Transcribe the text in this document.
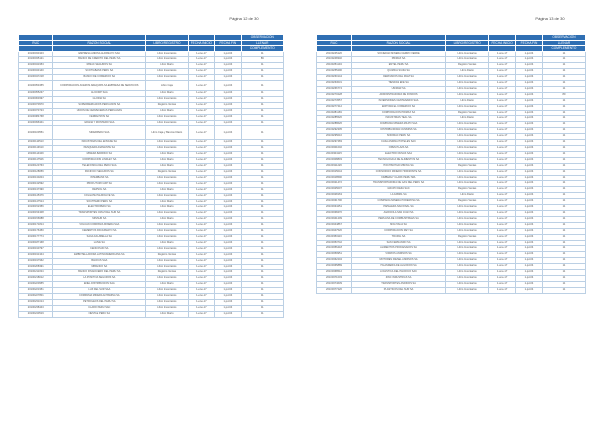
Página 12 de 30
					OBSERVACIÓN
RUC	RAZON SOCIAL	LIBRO/REGISTRO	FECHA INICIO	FECHA FIN	LLENAR
					COMPLEMENTO
20100030103	EMPRESA ANDINA ALPAMAYO SAC	Libro Inventarios	1-ene-17	1-jul-04	11
20100035121	BANCO DE CREDITO DEL PERU SA	Libro Inventarios	1-ene-17	1-jul-04	89
20100041953	RIMAC SEGUROS SA	Libro Diario	1-ene-17	1-jul-04	11
20100043140	SCOTIABANK PERU SA	Libro Inventarios	1-ene-17	1-jul-04	11
20100047218	BANCO DE COMERCIO SA	Libro Inventarios	1-ene-17	1-jul-04	11
20100053455	CORPORACION ACEROS AREQUIPA SA EMPRESA DE SERVICIOS	Libro Caja	1-ene-17	1-jul-04	11
20100055237	ALICORP SAA	Libro Diario	1-ene-17	1-jul-04	11
20100060397	GLORIA SA	Libro Inventarios	1-ene-17	1-jul-04	11
20100070970	SUPERMERCADOS PERUANOS SA	Registro Ventas	1-ene-17	1-jul-04	11
20100073723	UNION DE CERVECERIAS PERUANAS	Libro Diario	1-ene-17	1-jul-04	11
20100084768	FERREYROS SA	Libro Inventarios	1-ene-17	1-jul-04	11
20100096341	GRAÑA Y MONTERO SAA	Libro Inventarios	1-ene-17	1-jul-04	11
20100100551	SIDERPERU SAA	Libro Caja y Bancos Diario	1-ene-17	1-jul-04	11
20100110513	INDUSTRIAS DEL ENVASE SA	Libro Inventarios	1-ene-17	1-jul-04	11
20100113610	PESQUERA DIAMANTE SA	Libro Inventarios	1-ene-17	1-jul-04	11
20100114349	MINERA BARRICK SA	Libro Diario	1-ene-17	1-jul-04	11
20100117526	CORPORACION LINDLEY SA	Libro Diario	1-ene-17	1-jul-04	11
20100123763	TELEFONICA DEL PERU SAA	Libro Diario	1-ene-17	1-jul-04	11
20100128056	PACIFICO SEGUROS SA	Registro Ventas	1-ene-17	1-jul-04	11
20100130204	INTERBANK SA	Libro Inventarios	1-ene-17	1-jul-04	11
20100132592	PROFUTURO AFP SA	Libro Inventarios	1-ene-17	1-jul-04	11
20100137390	REPSOL SA	Libro Diario	1-ene-17	1-jul-04	11
20100145376	COLGATE PALMOLIVE SA	Libro Inventarios	1-ene-17	1-jul-04	11
20100147514	SOUTHERN PERU SA	Libro Diario	1-ene-17	1-jul-04	11
20100152356	ELECTROPERU SA	Libro Diario	1-ene-17	1-jul-04	11
20100154308	TRANSPORTES CRUZ DEL SUR SA	Libro Inventarios	1-ene-17	1-jul-04	11
20100156688	MINSUR SA	Libro Diario	1-ene-17	1-jul-04	11
20100171814	VOLCAN COMPAÑIA MINERA SAA	Libro Inventarios	1-ene-17	1-jul-04	11
20100176450	CEMENTOS PACASMAYO SA	Libro Inventarios	1-ene-17	1-jul-04	11
20100177774	SAGA FALABELLA SA	Libro Inventarios	1-ene-17	1-jul-04	11
20100187168	LAIVE SA	Libro Diario	1-ene-17	1-jul-04	11
20100190797	CENCOSUD SA	Libro Inventarios	1-ene-17	1-jul-04	11
20100191344	EMBOTELLADORA LATINOAMERICANA SA	Registro Ventas	1-ene-17	1-jul-04	11
20100197962	BACKUS SAA	Libro Inventarios	1-ene-17	1-jul-04	11
20100208391	MIBANCO SA	Libro Inventarios	1-ene-17	1-jul-04	11
20100211034	BANCO FINANCIERO DEL PERU SA	Registro Ventas	1-ene-17	1-jul-04	11
20100218012	LA POSITIVA SEGUROS SA	Libro Inventarios	1-ene-17	1-jul-04	11
20100220955	ENEL DISTRIBUCION SAA	Libro Diario	1-ene-17	1-jul-04	11
20100221951	LUZ DEL SUR SAA	Libro Inventarios	1-ene-17	1-jul-04	11
20100227801	COMPAÑIA MINERA ANTAMINA SA	Libro Inventarios	1-ene-17	1-jul-04	11
20100231014	PETROLEOS DEL PERU SA	Libro Inventarios	1-ene-17	1-jul-04	11
20100238443	CLARO PERU SAC	Libro Inventarios	1-ene-17	1-jul-04	11
20100240519	NESTLE PERU SA	Libro Diario	1-ene-17	1-jul-04	11
Página 13 de 30
					OBSERVACIÓN
RUC	RAZON SOCIAL	LIBRO/REGISTRO	FECHA INICIO	FECHA FIN	LLENAR
					COMPLEMENTO
20100245120	SOCIEDAD MINERA CERRO VERDE	Libro Inventarios	1-ene-17	1-jul-04	11
20100248340	PRIMAX SA	Libro Inventarios	1-ene-17	1-jul-04	11
20100251104	ENTEL PERU SA	Registro Ventas	1-ene-17	1-jul-04	11
20100255290	QUIMICA SUIZA SA	Libro Diario	1-ene-17	1-jul-04	11
20100260144	DERIVADOS DEL MAIZ SA	Libro Inventarios	1-ene-17	1-jul-04	11
20100263031	TIENDAS EFE SA	Libro Inventarios	1-ene-17	1-jul-04	11
20100266774	UNIMAR SA	Libro Inventarios	1-ene-17	1-jul-04	11
20100270228	ADMINISTRADORA DE FONDOS	Libro Inventarios	1-ene-17	1-jul-04	89
20100273557	INVERSIONES CENTENARIO SAA	Libro Diario	1-ene-17	1-jul-04	11
20100277412	EDITORA EL COMERCIO SA	Libro Inventarios	1-ene-17	1-jul-04	11
20100281169	CORPORACION PRIMAX SA	Registro Ventas	1-ene-17	1-jul-04	11
20100285520	INDUSTRIAS TEAL SA	Libro Diario	1-ene-17	1-jul-04	11
20100288626	COMPAÑIA MINERA MILPO SAA	Libro Inventarios	1-ene-17	1-jul-04	11
20100292305	DISTRIBUIDORA CUMMINS SA	Libro Inventarios	1-ene-17	1-jul-04	11
20100295010	SODIMAC PERU SA	Libro Inventarios	1-ene-17	1-jul-04	11
20100297483	CASA ANDINA HOTELES SAC	Libro Inventarios	1-ene-17	1-jul-04	11
20100301002	OPEN PLAZA SA	Libro Inventarios	1-ene-17	1-jul-04	11
20100304115	ELECTRO DUNAS SAA	Libro Inventarios	1-ene-17	1-jul-04	11
20100308803	TECNOLOGICA DE ALIMENTOS SA	Libro Inventarios	1-ene-17	1-jul-04	11
20100311226	HOCHSCHILD MINING SA	Registro Ventas	1-ene-17	1-jul-04	11
20100315044	CONSORCIO MINERO HORIZONTE SA	Libro Inventarios	1-ene-17	1-jul-04	11
20100318590	KIMBERLY CLARK PERU SRL	Libro Inventarios	1-ene-17	1-jul-04	11
20100321472	TRANSPORTADORA DE GAS DEL PERU SA	Libro Inventarios	1-ene-17	1-jul-04	11
20100325007	GRUPO DEZA SAC	Registro Ventas	1-ene-17	1-jul-04	11
20100328163	LA FABRIL SA	Libro Diario	1-ene-17	1-jul-04	11
20100331790	COMPAÑIA MINERA PODEROSA SA	Registro Ventas	1-ene-17	1-jul-04	11
20100334251	PAPELERA NACIONAL SA	Libro Inventarios	1-ene-17	1-jul-04	11
20100338470	AGRICOLA SAN JUAN SA	Libro Inventarios	1-ene-17	1-jul-04	11
20100341209	PERUANA DE COMBUSTIBLES SA	Libro Inventarios	1-ene-17	1-jul-04	11
20100344867	MOLITALIA SA	Libro Inventarios	1-ene-17	1-jul-04	11
20100347520	CORPORACION REY SA	Libro Inventarios	1-ene-17	1-jul-04	11
20100350116	TRUPAL SA	Registro Ventas	1-ene-17	1-jul-04	11
20100353742	SAN FERNANDO SA	Libro Inventarios	1-ene-17	1-jul-04	11
20100356418	ALIMENTOS PROCESADOS SA	Libro Inventarios	1-ene-17	1-jul-04	11
20100359951	VIDRIOS ANDINOS SA	Libro Inventarios	1-ene-17	1-jul-04	11
20100362204	MOTORES DIESEL ANDINOS SA	Libro Inventarios	1-ene-17	1-jul-04	11
20100365889	HILANDERIA DE ALGODON SA	Libro Inventarios	1-ene-17	1-jul-04	11
20100368512	LOGISTICA DEL PACIFICO SAC	Libro Inventarios	1-ene-17	1-jul-04	11
20100371003	ZINC INDUSTRIAS SA	Libro Inventarios	1-ene-17	1-jul-04	11
20100374639	TRANSPORTES ANDINOS SA	Libro Inventarios	1-ene-17	1-jul-04	11
20100377220	PLASTICOS DEL SUR SA	Libro Inventarios	1-ene-17	1-jul-04	11
